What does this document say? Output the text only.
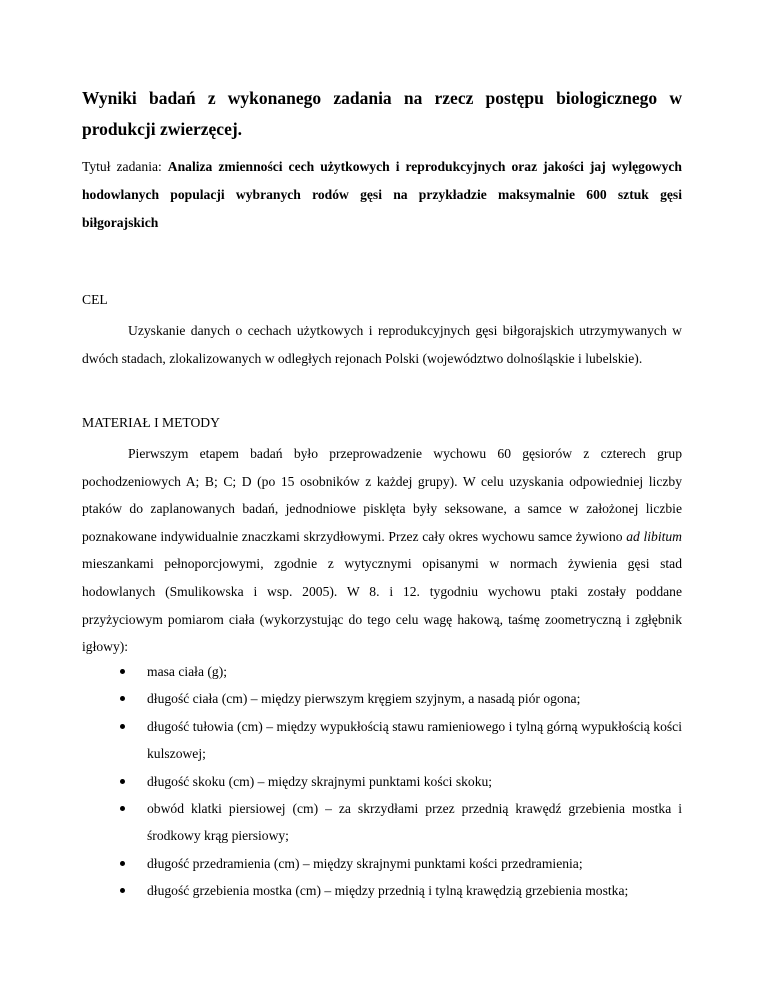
Wyniki badań z wykonanego zadania na rzecz postępu biologicznego w produkcji zwierzęcej.

Tytuł zadania: Analiza zmienności cech użytkowych i reprodukcyjnych oraz jakości jaj wylęgowych hodowlanych populacji wybranych rodów gęsi na przykładzie maksymalnie 600 sztuk gęsi biłgorajskich

CEL

Uzyskanie danych o cechach użytkowych i reprodukcyjnych gęsi biłgorajskich utrzymywanych w dwóch stadach, zlokalizowanych w odległych rejonach Polski (województwo dolnośląskie i lubelskie).

MATERIAŁ I METODY

Pierwszym etapem badań było przeprowadzenie wychowu 60 gęsiorów z czterech grup pochodzeniowych A; B; C; D (po 15 osobników z każdej grupy). W celu uzyskania odpowiedniej liczby ptaków do zaplanowanych badań, jednodniowe pisklęta były seksowane, a samce w założonej liczbie poznakowane indywidualnie znaczkami skrzydłowymi. Przez cały okres wychowu samce żywiono ad libitum mieszankami pełnoporcjowymi, zgodnie z wytycznymi opisanymi w normach żywienia gęsi stad hodowlanych (Smulikowska i wsp. 2005). W 8. i 12. tygodniu wychowu ptaki zostały poddane przyżyciowym pomiarom ciała (wykorzystując do tego celu wagę hakową, taśmę zoometryczną i zgłębnik igłowy):

masa ciała (g);
długość ciała (cm) – między pierwszym kręgiem szyjnym, a nasadą piór ogona;
długość tułowia (cm) – między wypukłością stawu ramieniowego i tylną górną wypukłością kości kulszowej;
długość skoku (cm) – między skrajnymi punktami kości skoku;
obwód klatki piersiowej (cm) – za skrzydłami przez przednią krawędź grzebienia mostka i środkowy krąg piersiowy;
długość przedramienia (cm) – między skrajnymi punktami kości przedramienia;
długość grzebienia mostka (cm) – między przednią i tylną krawędzią grzebienia mostka;
